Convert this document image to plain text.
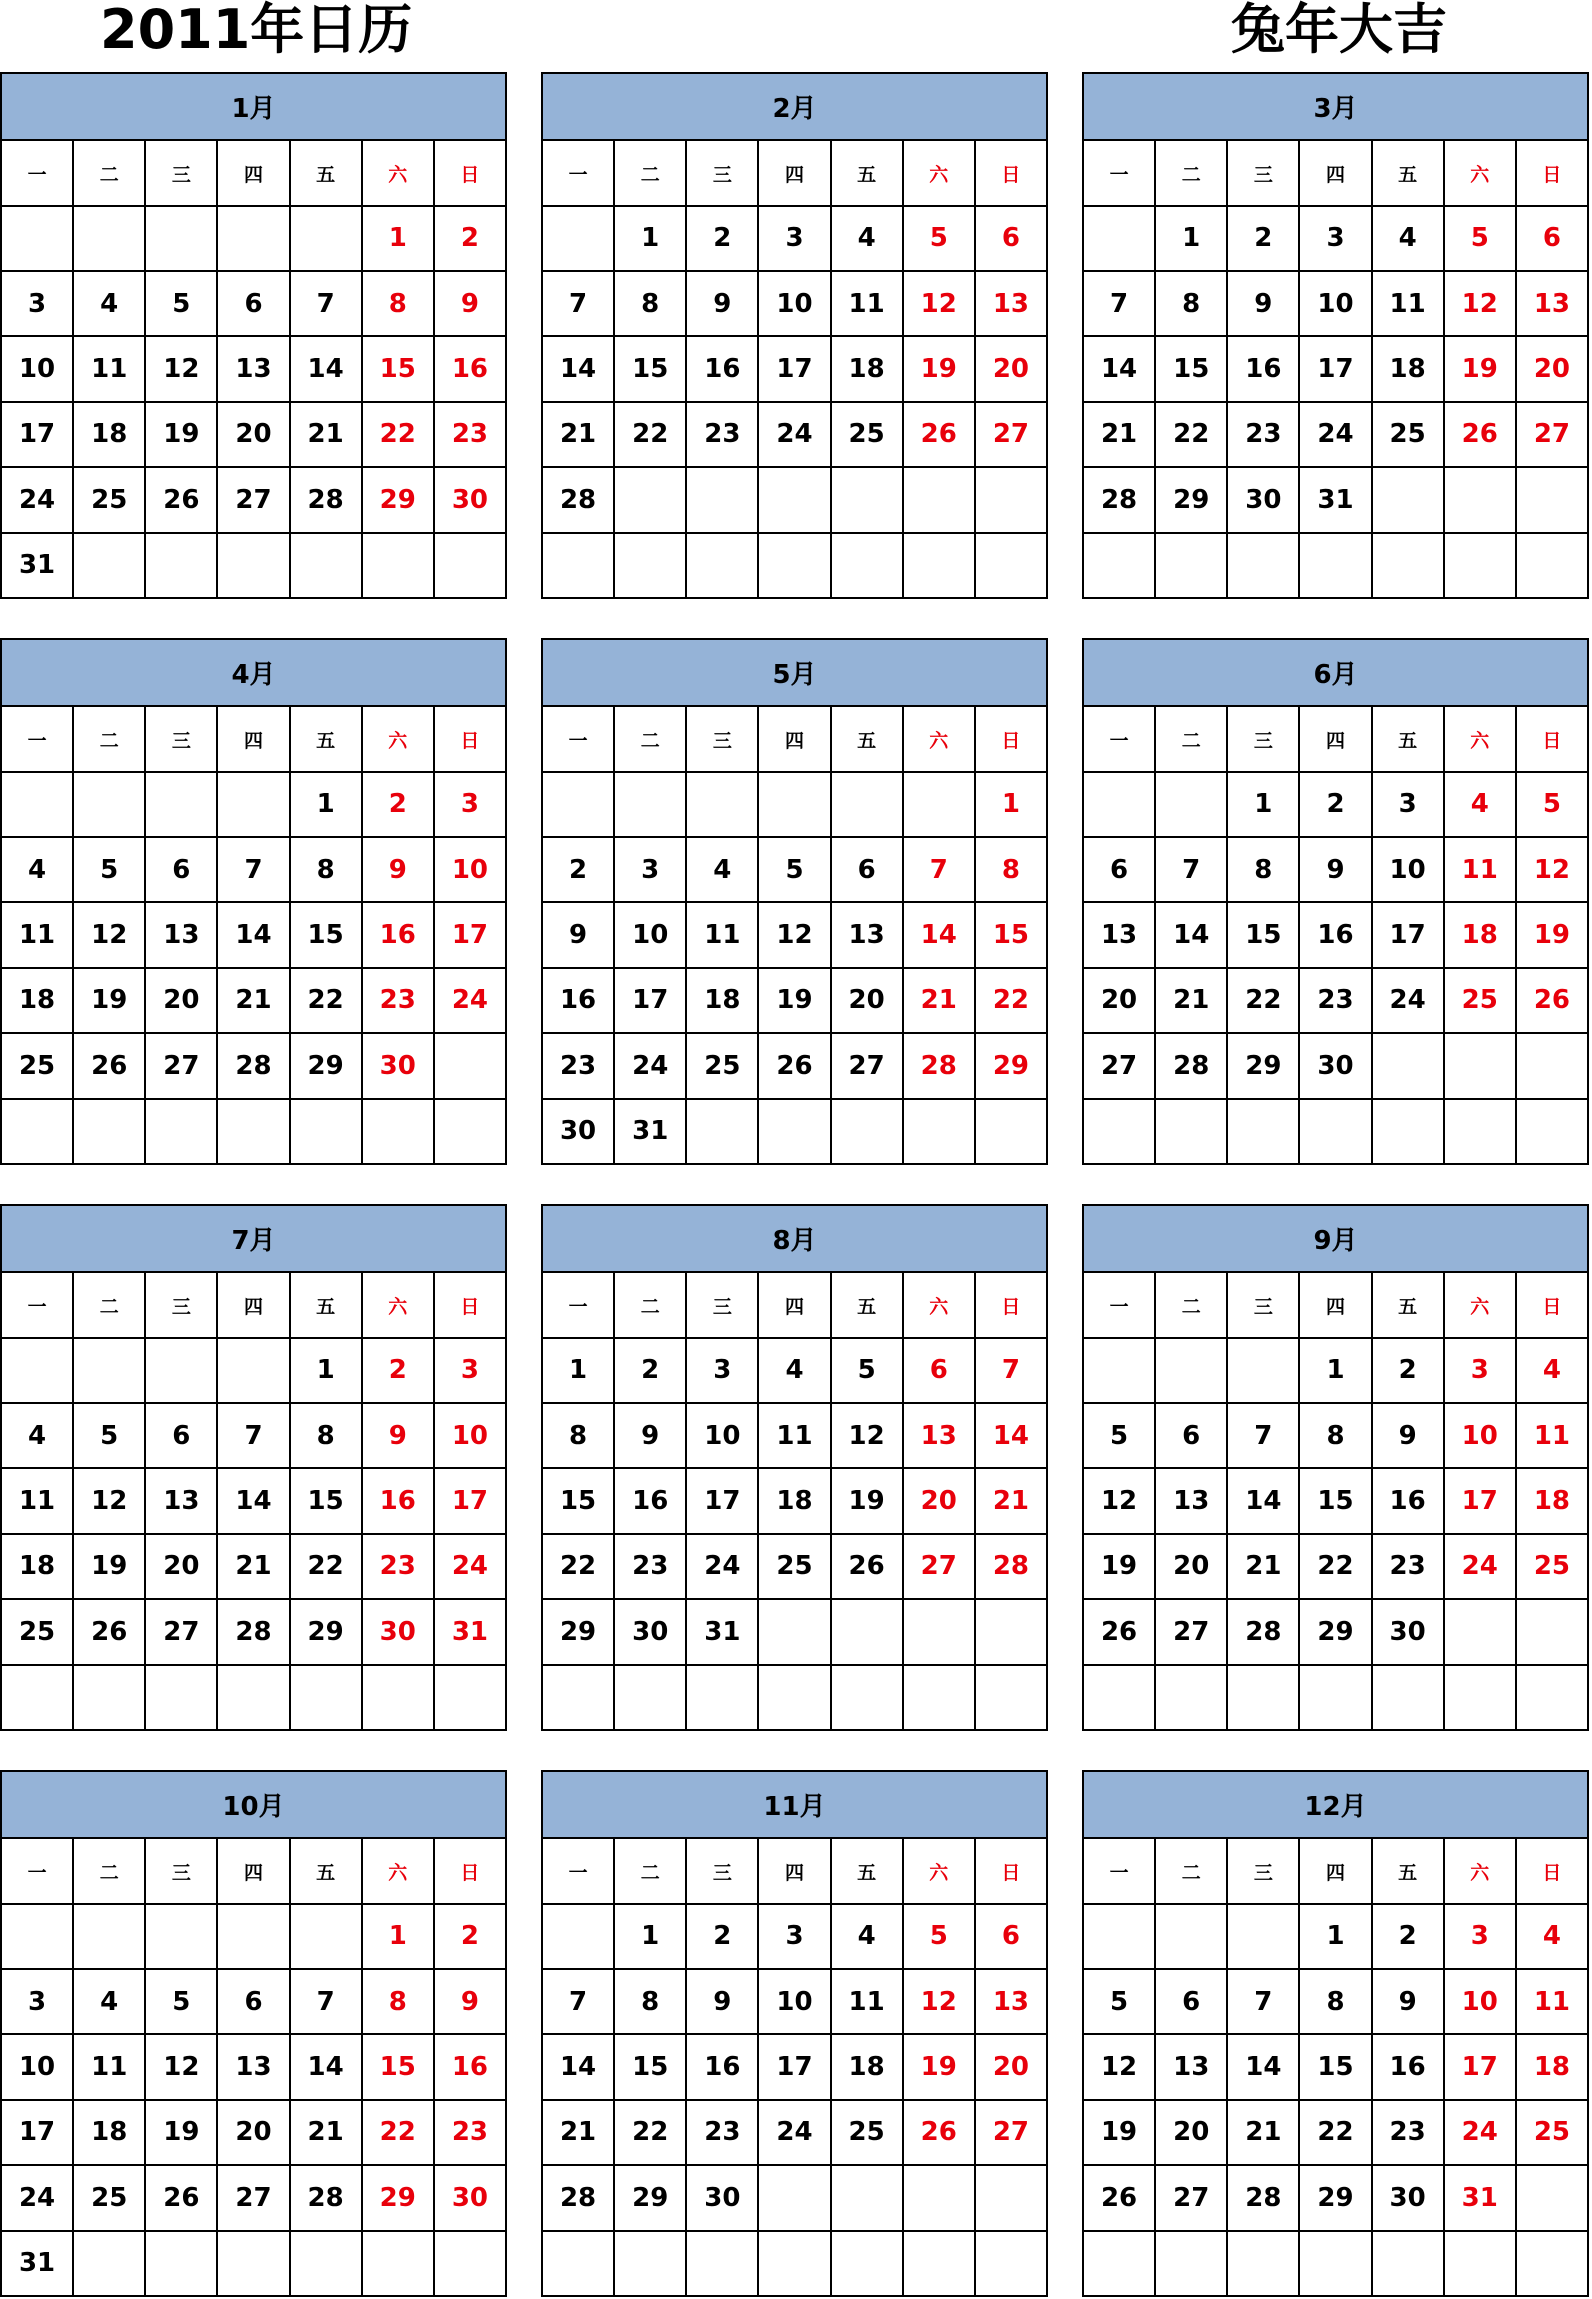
2011年日历	兔年大吉
1月						
一	二	三	四	五	六	日
					1	2
3	4	5	6	7	8	9
10	11	12	13	14	15	16
17	18	19	20	21	22	23
24	25	26	27	28	29	30
31						
2月						
一	二	三	四	五	六	日
	1	2	3	4	5	6
7	8	9	10	11	12	13
14	15	16	17	18	19	20
21	22	23	24	25	26	27
28						

3月						
一	二	三	四	五	六	日
	1	2	3	4	5	6
7	8	9	10	11	12	13
14	15	16	17	18	19	20
21	22	23	24	25	26	27
28	29	30	31			

4月						
一	二	三	四	五	六	日
				1	2	3
4	5	6	7	8	9	10
11	12	13	14	15	16	17
18	19	20	21	22	23	24
25	26	27	28	29	30	

5月						
一	二	三	四	五	六	日
						1
2	3	4	5	6	7	8
9	10	11	12	13	14	15
16	17	18	19	20	21	22
23	24	25	26	27	28	29
30	31					
6月						
一	二	三	四	五	六	日
		1	2	3	4	5
6	7	8	9	10	11	12
13	14	15	16	17	18	19
20	21	22	23	24	25	26
27	28	29	30			

7月						
一	二	三	四	五	六	日
				1	2	3
4	5	6	7	8	9	10
11	12	13	14	15	16	17
18	19	20	21	22	23	24
25	26	27	28	29	30	31

8月						
一	二	三	四	五	六	日
1	2	3	4	5	6	7
8	9	10	11	12	13	14
15	16	17	18	19	20	21
22	23	24	25	26	27	28
29	30	31				

9月						
一	二	三	四	五	六	日
			1	2	3	4
5	6	7	8	9	10	11
12	13	14	15	16	17	18
19	20	21	22	23	24	25
26	27	28	29	30		

10月						
一	二	三	四	五	六	日
					1	2
3	4	5	6	7	8	9
10	11	12	13	14	15	16
17	18	19	20	21	22	23
24	25	26	27	28	29	30
31						
11月						
一	二	三	四	五	六	日
	1	2	3	4	5	6
7	8	9	10	11	12	13
14	15	16	17	18	19	20
21	22	23	24	25	26	27
28	29	30				

12月						
一	二	三	四	五	六	日
			1	2	3	4
5	6	7	8	9	10	11
12	13	14	15	16	17	18
19	20	21	22	23	24	25
26	27	28	29	30	31	
